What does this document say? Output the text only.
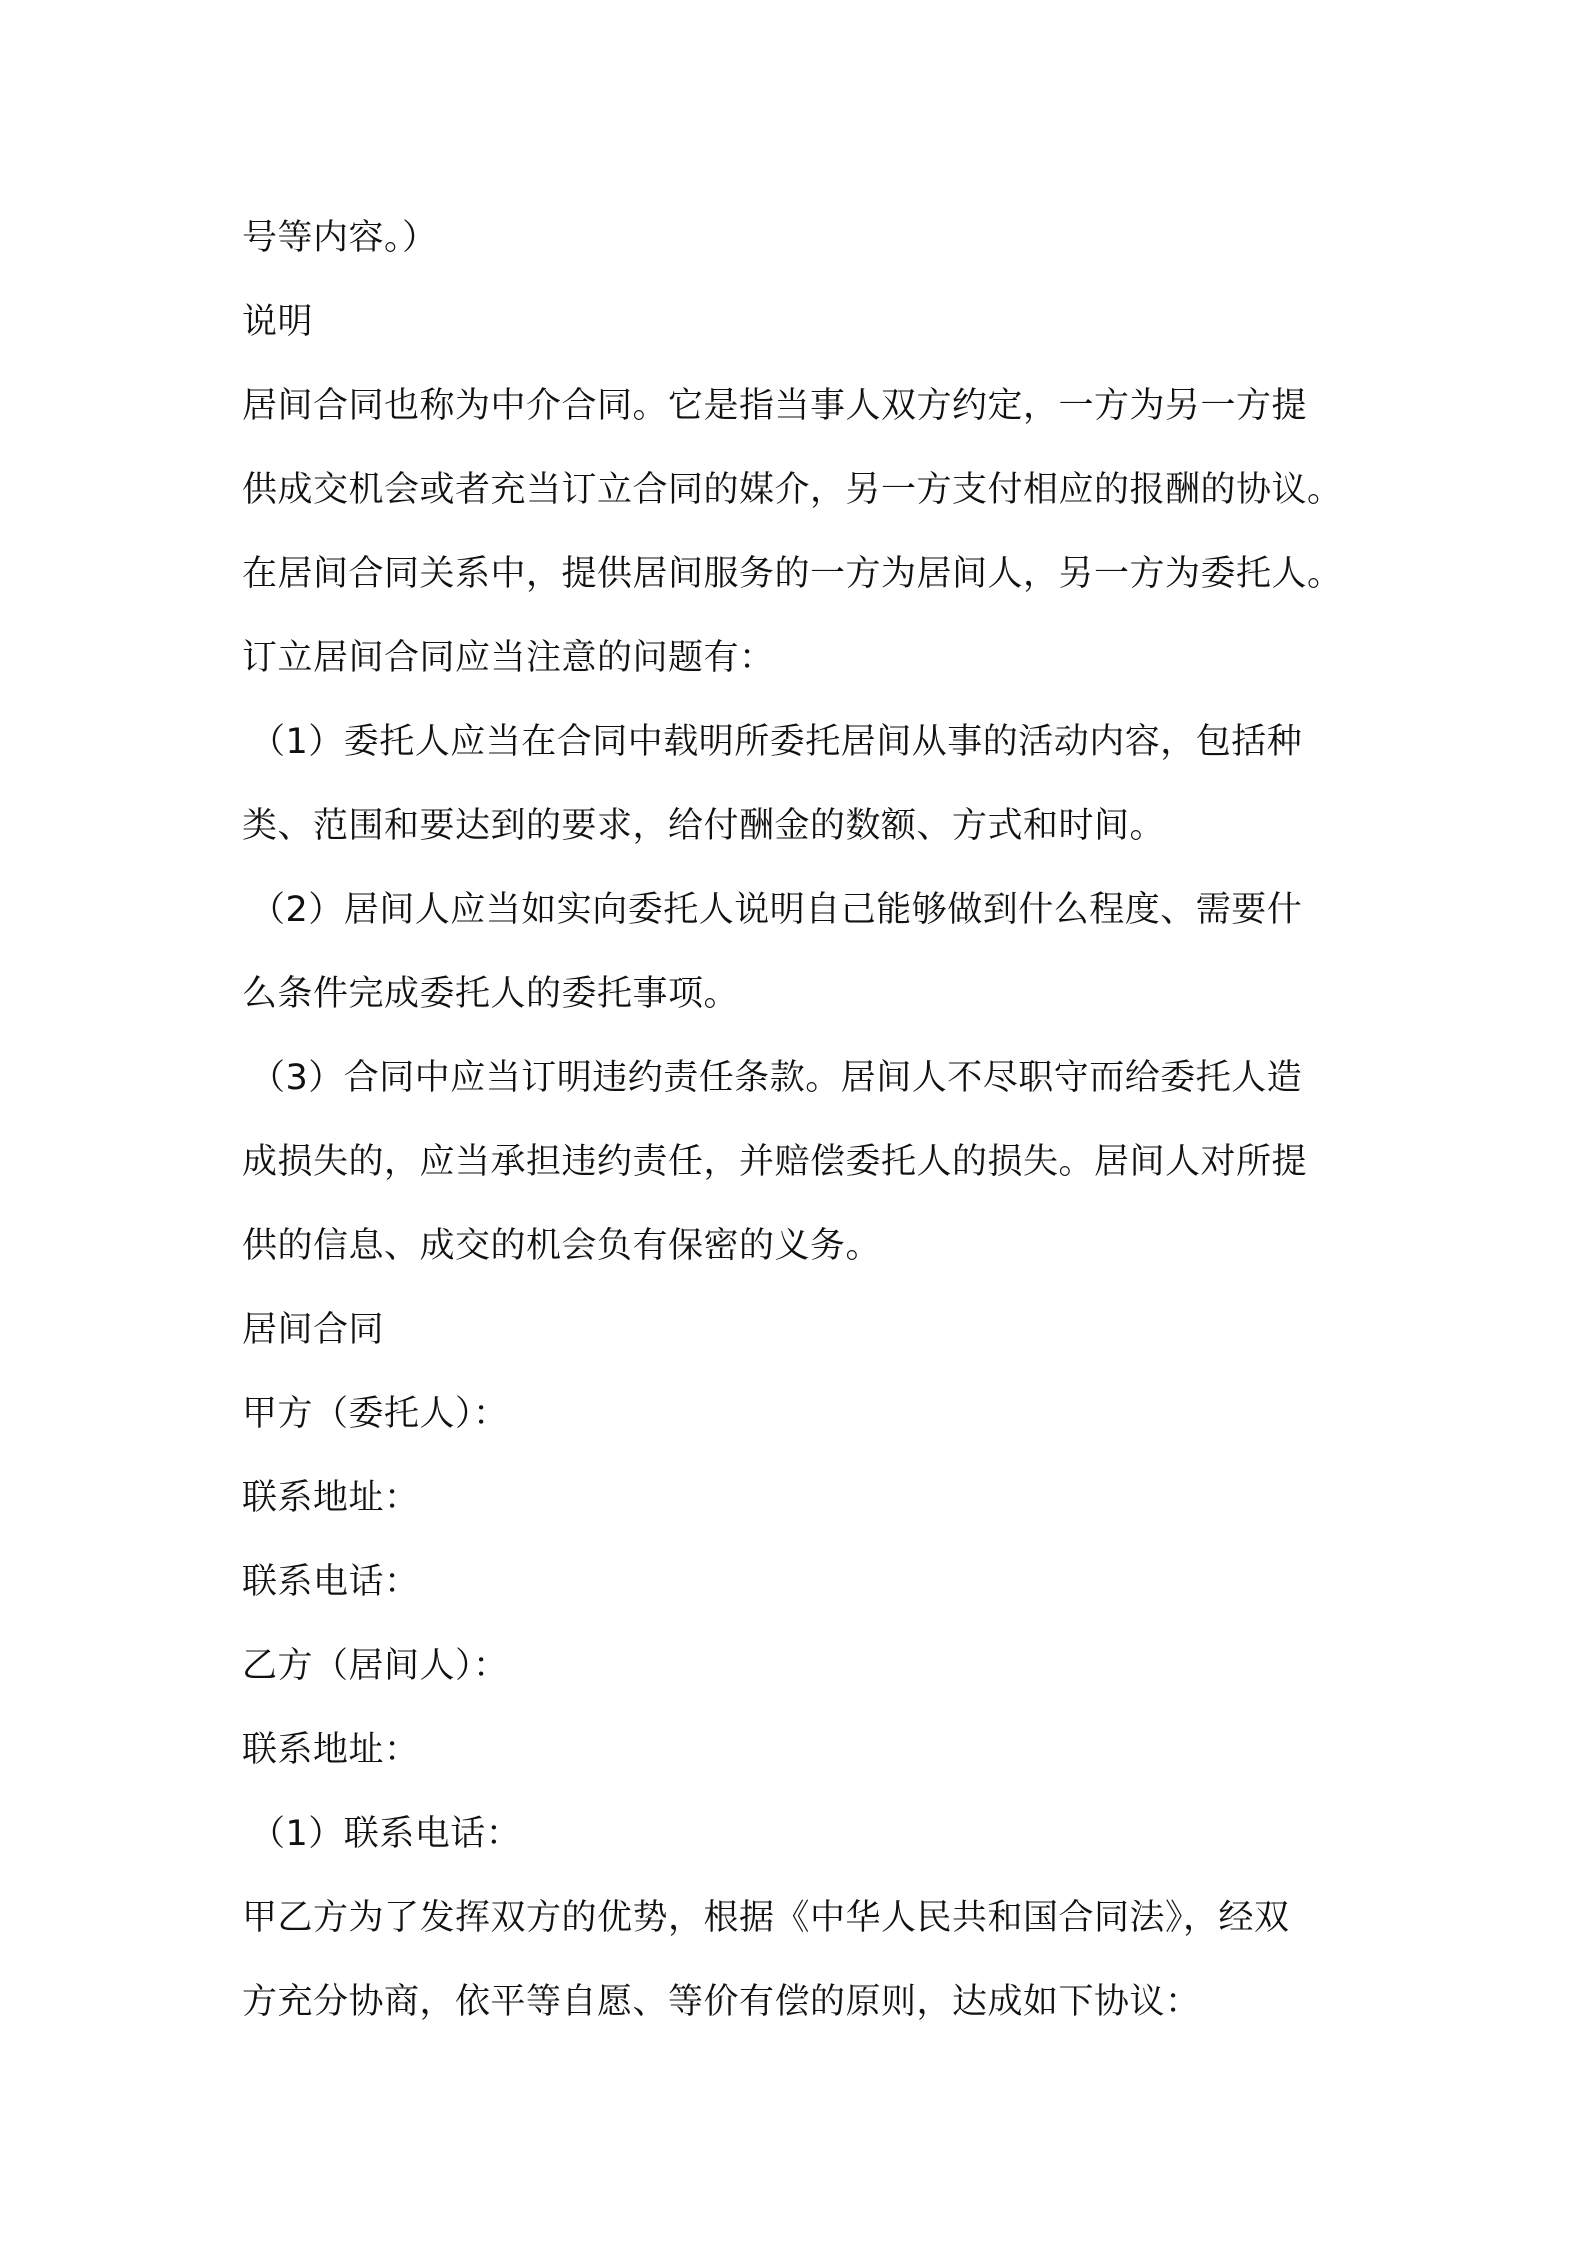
号等内容。）
说明
居间合同也称为中介合同。它是指当事人双方约定，一方为另一方提
供成交机会或者充当订立合同的媒介，另一方支付相应的报酬的协议。
在居间合同关系中，提供居间服务的一方为居间人，另一方为委托人。
订立居间合同应当注意的问题有：
（1）委托人应当在合同中载明所委托居间从事的活动内容，包括种
类、范围和要达到的要求，给付酬金的数额、方式和时间。
（2）居间人应当如实向委托人说明自己能够做到什么程度、需要什
么条件完成委托人的委托事项。
（3）合同中应当订明违约责任条款。居间人不尽职守而给委托人造
成损失的，应当承担违约责任，并赔偿委托人的损失。居间人对所提
供的信息、成交的机会负有保密的义务。
居间合同
甲方（委托人）：
联系地址：
联系电话：
乙方（居间人）：
联系地址：
（1）联系电话：
甲乙方为了发挥双方的优势，根据《中华人民共和国合同法》，经双
方充分协商，依平等自愿、等价有偿的原则，达成如下协议：
